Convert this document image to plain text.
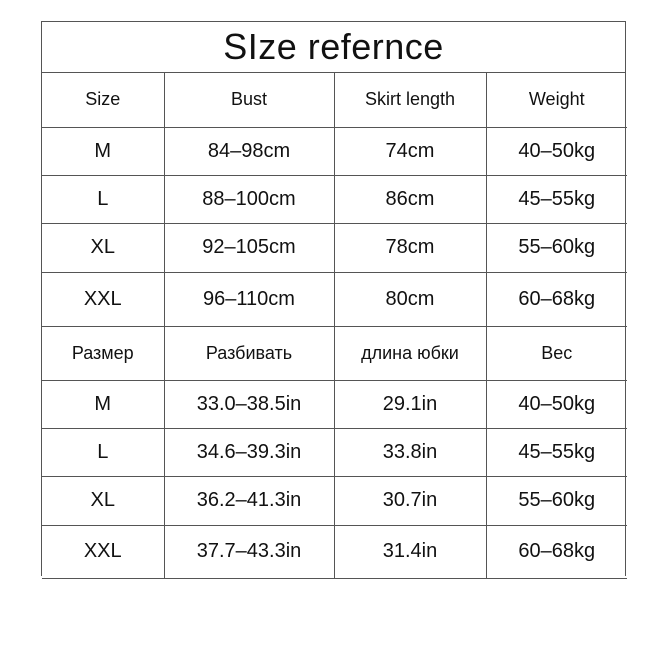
SIze refernce
Size	Bust	Skirt length	Weight
M	84–98cm	74cm	40–50kg
L	88–100cm	86cm	45–55kg
XL	92–105cm	78cm	55–60kg
XXL	96–110cm	80cm	60–68kg
Размер	Разбивать	длина юбки	Вес
M	33.0–38.5in	29.1in	40–50kg
L	34.6–39.3in	33.8in	45–55kg
XL	36.2–41.3in	30.7in	55–60kg
XXL	37.7–43.3in	31.4in	60–68kg
